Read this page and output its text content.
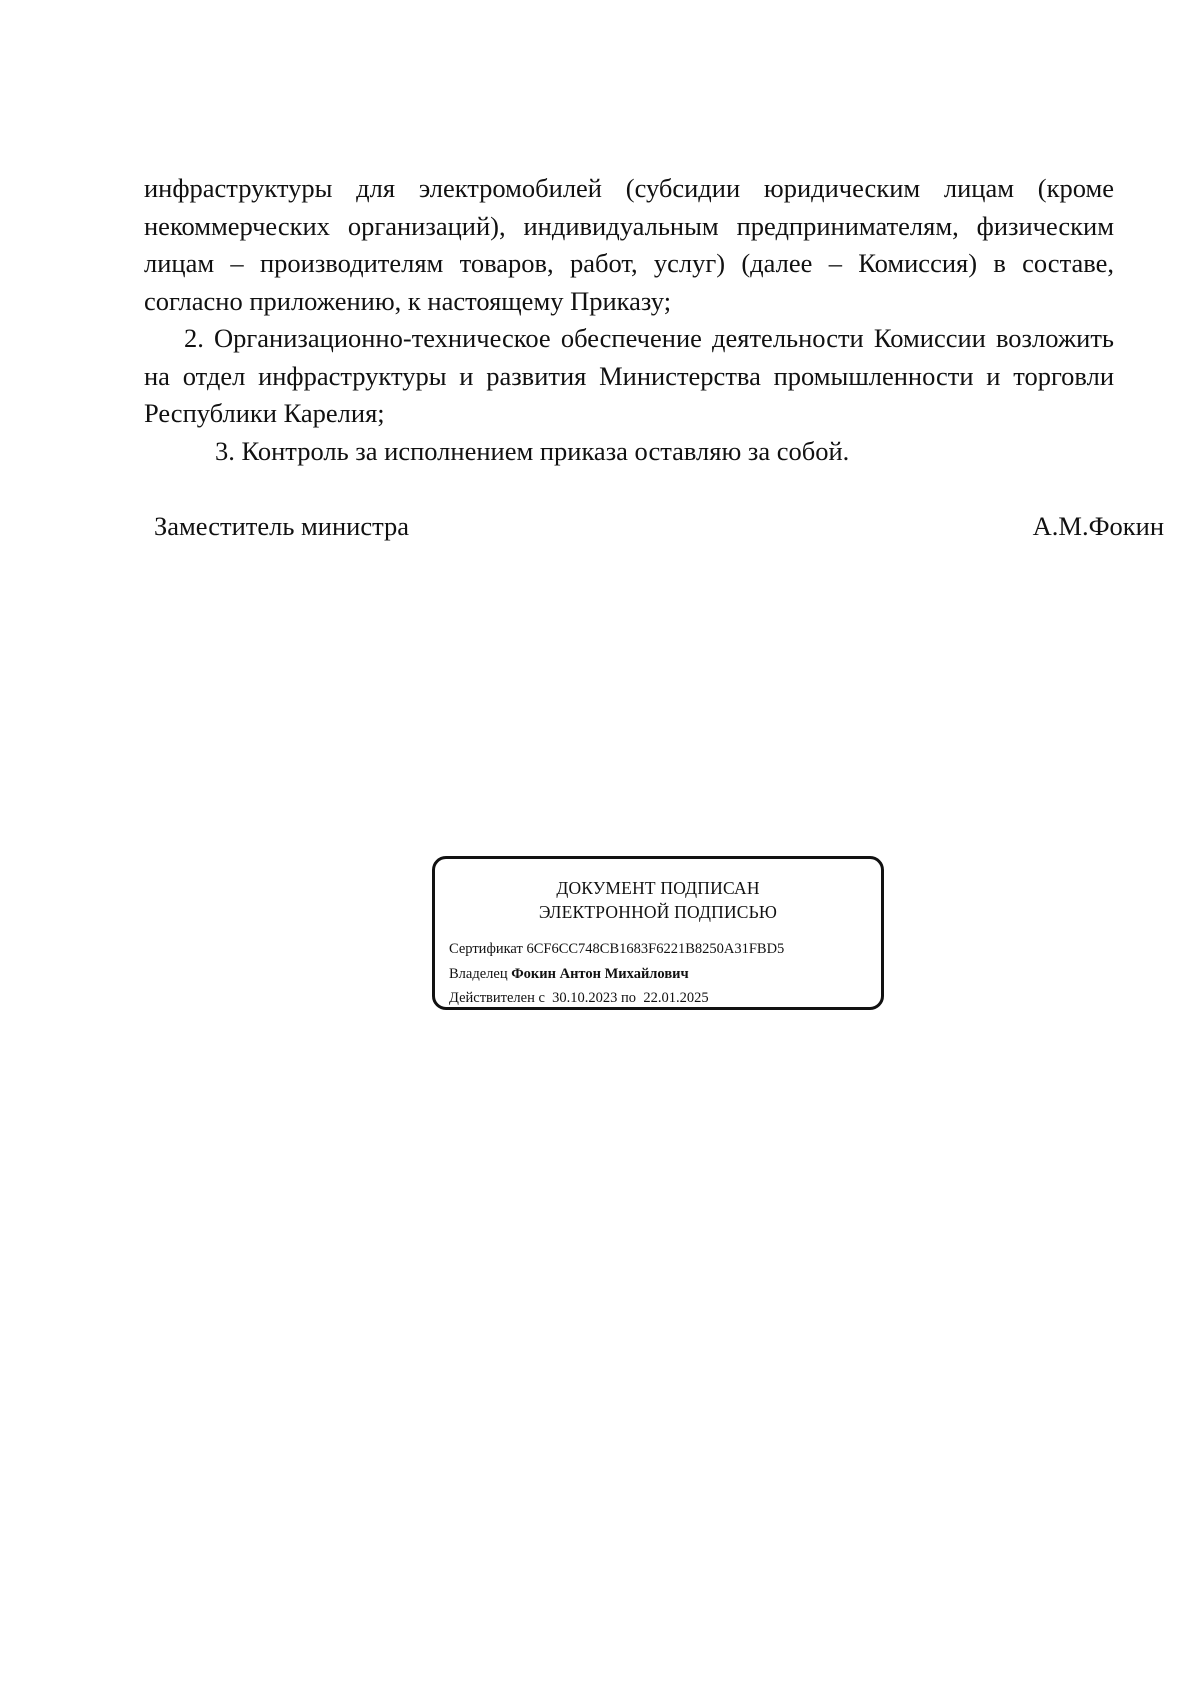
инфраструктуры для электромобилей (субсидии юридическим лицам (кроме некоммерческих организаций), индивидуальным предпринимателям, физическим лицам – производителям товаров, работ, услуг) (далее – Комиссия) в составе, согласно приложению, к настоящему Приказу;

2. Организационно-техническое обеспечение деятельности Комиссии возложить на отдел инфраструктуры и развития Министерства промышленности и торговли Республики Карелия;

3. Контроль за исполнением приказа оставляю за собой.

Заместитель министра	А.М.Фокин
ДОКУМЕНТ ПОДПИСАН
ЭЛЕКТРОННОЙ ПОДПИСЬЮ
Сертификат 6CF6CC748CB1683F6221B8250A31FBD5
Владелец Фокин Антон Михайлович
Действителен с 30.10.2023 по 22.01.2025
